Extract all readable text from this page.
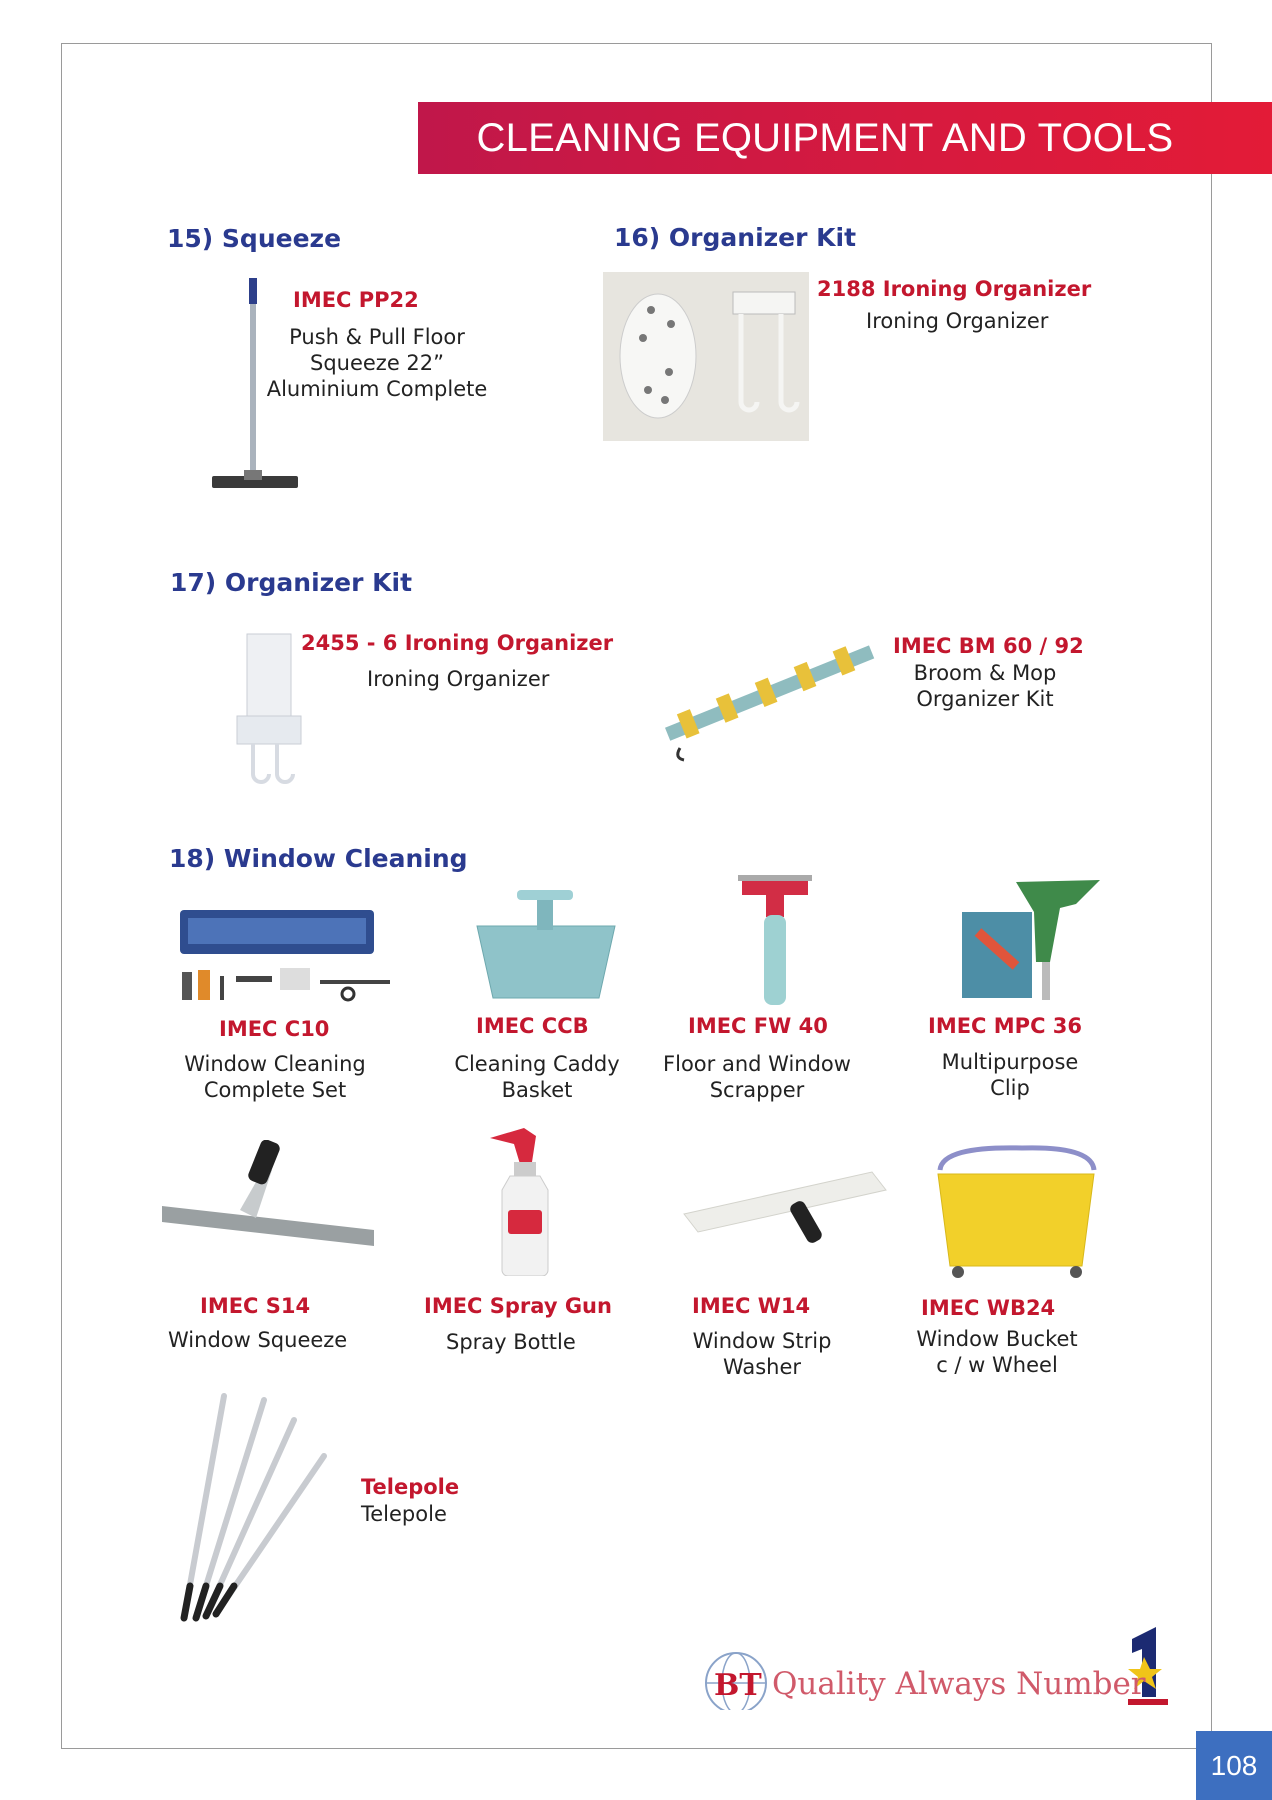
CLEANING EQUIPMENT AND TOOLS
15) Squeeze
IMEC PP22
Push & Pull Floor
Squeeze 22”
Aluminium Complete
16) Organizer Kit
2188 Ironing Organizer
Ironing Organizer
17) Organizer Kit
2455 - 6 Ironing Organizer
Ironing Organizer
IMEC BM 60 / 92
Broom & Mop
Organizer Kit
18) Window Cleaning
IMEC C10
Window Cleaning
Complete Set
IMEC CCB
Cleaning Caddy
Basket
IMEC FW 40
Floor and Window
Scrapper
IMEC MPC 36
Multipurpose
Clip
IMEC S14
Window Squeeze
IMEC Spray Gun
Spray Bottle
IMEC W14
Window Strip
Washer
IMEC WB24
Window Bucket
c / w Wheel
Telepole
Telepole
BT Quality Always Number
108
